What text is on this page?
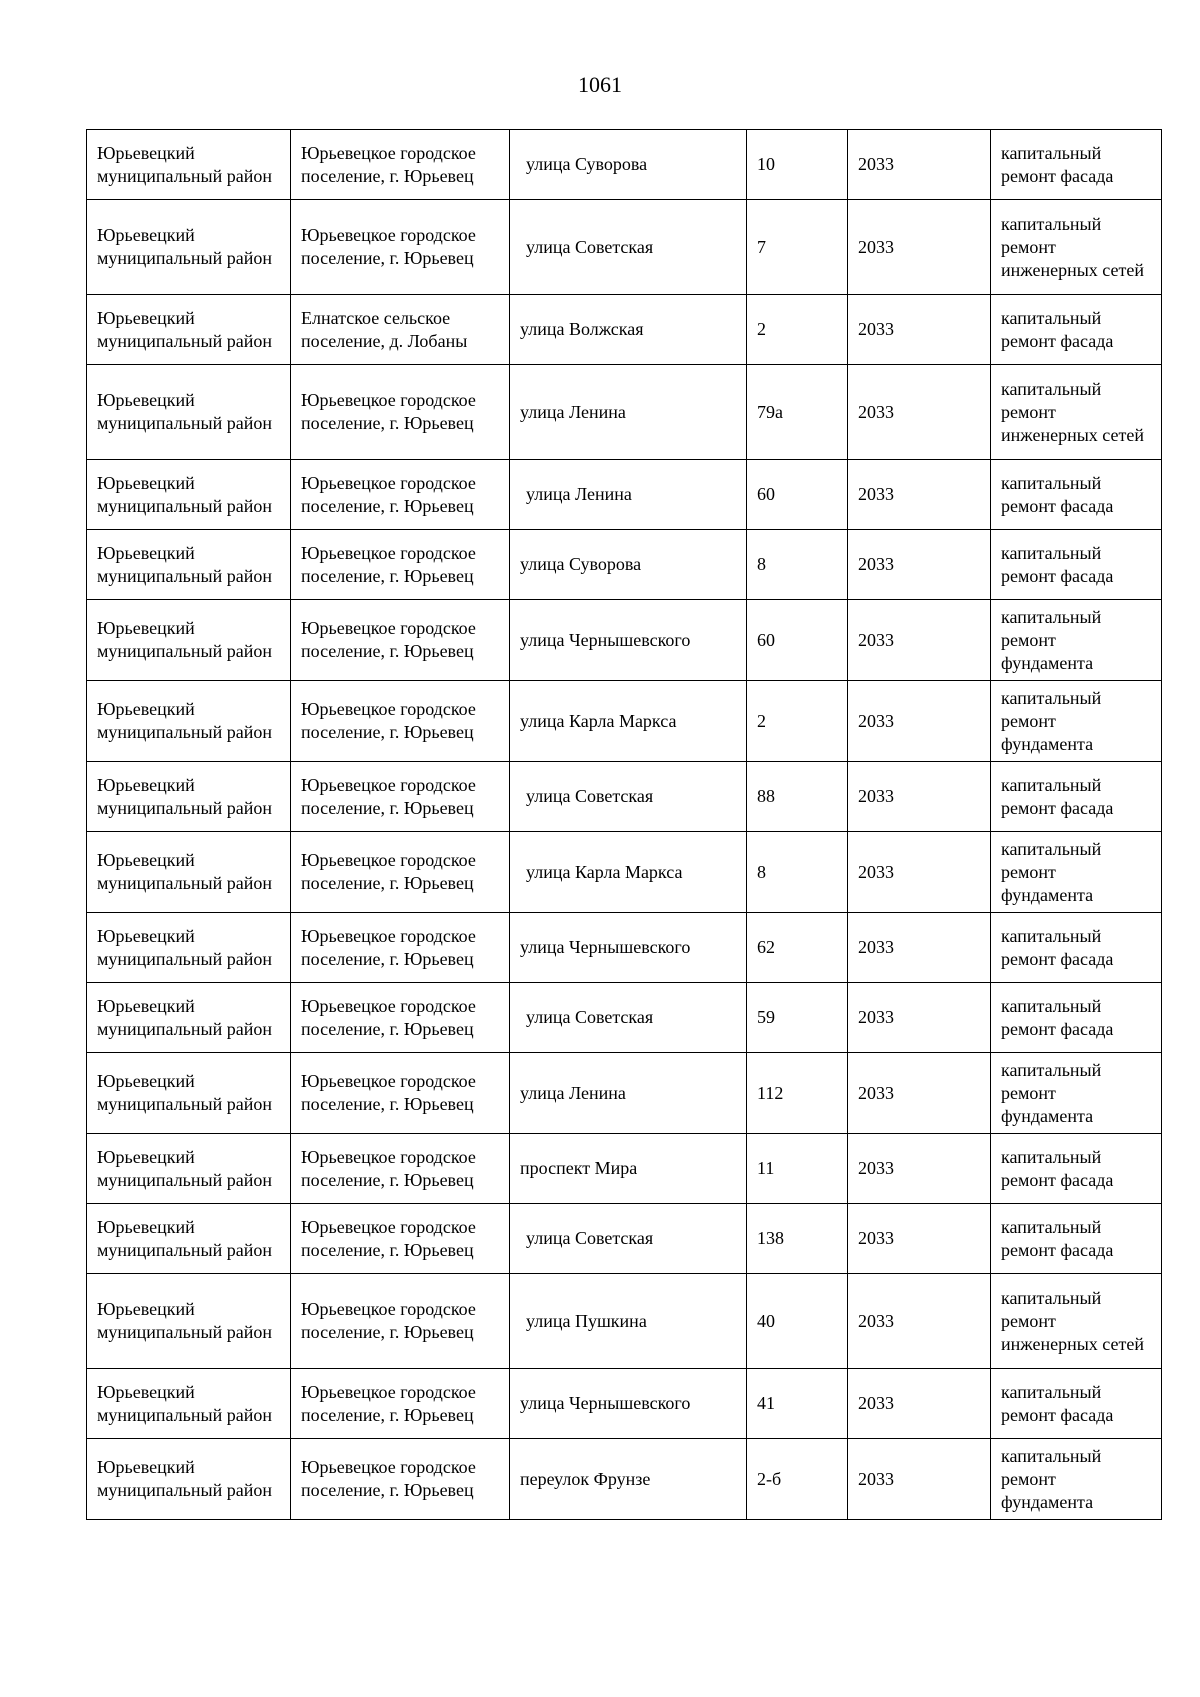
1061
Юрьевецкий муниципальный район	Юрьевецкое городское поселение, г. Юрьевец	улица Суворова	10	2033	капитальный ремонт фасада
Юрьевецкий муниципальный район	Юрьевецкое городское поселение, г. Юрьевец	улица Советская	7	2033	капитальный ремонт инженерных сетей
Юрьевецкий муниципальный район	Елнатское сельское поселение, д. Лобаны	улица Волжская	2	2033	капитальный ремонт фасада
Юрьевецкий муниципальный район	Юрьевецкое городское поселение, г. Юрьевец	улица Ленина	79а	2033	капитальный ремонт инженерных сетей
Юрьевецкий муниципальный район	Юрьевецкое городское поселение, г. Юрьевец	улица Ленина	60	2033	капитальный ремонт фасада
Юрьевецкий муниципальный район	Юрьевецкое городское поселение, г. Юрьевец	улица Суворова	8	2033	капитальный ремонт фасада
Юрьевецкий муниципальный район	Юрьевецкое городское поселение, г. Юрьевец	улица Чернышевского	60	2033	капитальный ремонт фундамента
Юрьевецкий муниципальный район	Юрьевецкое городское поселение, г. Юрьевец	улица Карла Маркса	2	2033	капитальный ремонт фундамента
Юрьевецкий муниципальный район	Юрьевецкое городское поселение, г. Юрьевец	улица Советская	88	2033	капитальный ремонт фасада
Юрьевецкий муниципальный район	Юрьевецкое городское поселение, г. Юрьевец	улица Карла Маркса	8	2033	капитальный ремонт фундамента
Юрьевецкий муниципальный район	Юрьевецкое городское поселение, г. Юрьевец	улица Чернышевского	62	2033	капитальный ремонт фасада
Юрьевецкий муниципальный район	Юрьевецкое городское поселение, г. Юрьевец	улица Советская	59	2033	капитальный ремонт фасада
Юрьевецкий муниципальный район	Юрьевецкое городское поселение, г. Юрьевец	улица Ленина	112	2033	капитальный ремонт фундамента
Юрьевецкий муниципальный район	Юрьевецкое городское поселение, г. Юрьевец	проспект Мира	11	2033	капитальный ремонт фасада
Юрьевецкий муниципальный район	Юрьевецкое городское поселение, г. Юрьевец	улица Советская	138	2033	капитальный ремонт фасада
Юрьевецкий муниципальный район	Юрьевецкое городское поселение, г. Юрьевец	улица Пушкина	40	2033	капитальный ремонт инженерных сетей
Юрьевецкий муниципальный район	Юрьевецкое городское поселение, г. Юрьевец	улица Чернышевского	41	2033	капитальный ремонт фасада
Юрьевецкий муниципальный район	Юрьевецкое городское поселение, г. Юрьевец	переулок Фрунзе	2-б	2033	капитальный ремонт фундамента
